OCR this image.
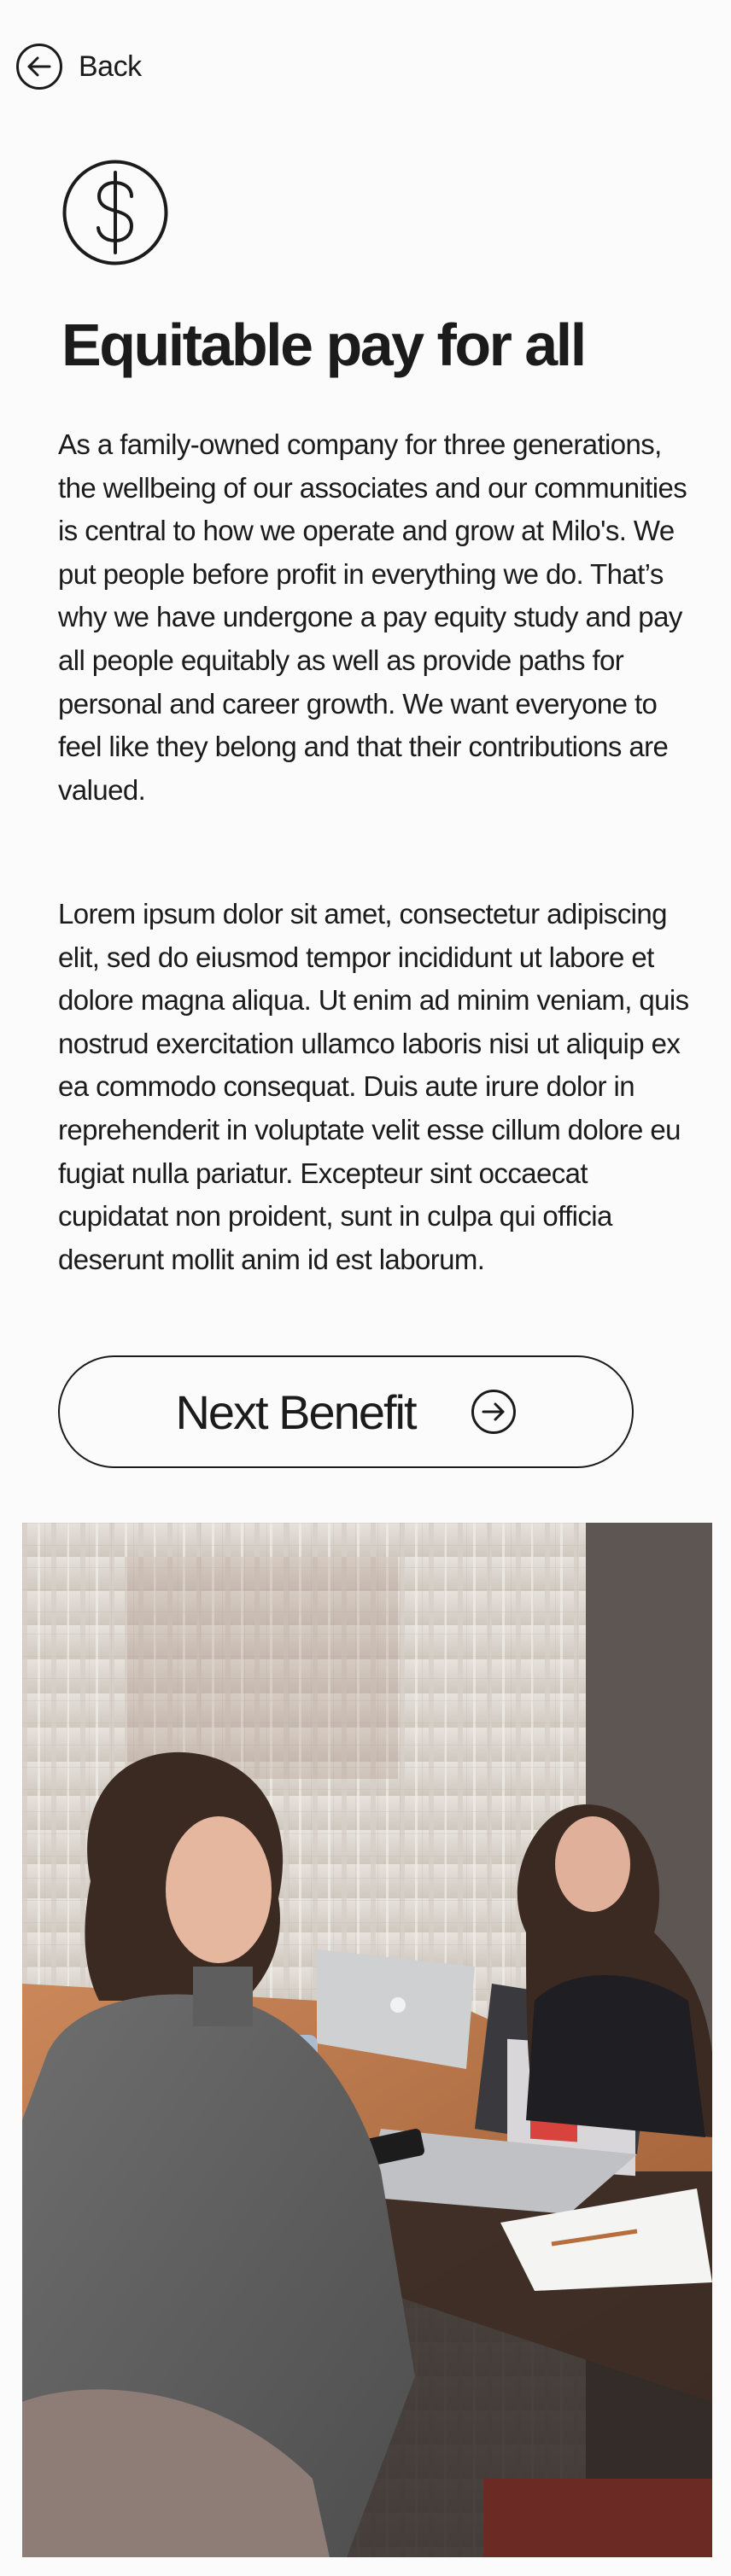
Back
Equitable pay for all

As a family-owned company for three generations, the wellbeing of our associates and our communities is central to how we operate and grow at Milo's. We put people before profit in everything we do. That’s why we have undergone a pay equity study and pay all people equitably as well as provide paths for personal and career growth. We want everyone to feel like they belong and that their contributions are valued.

Lorem ipsum dolor sit amet, consectetur adipiscing elit, sed do eiusmod tempor incididunt ut labore et dolore magna aliqua. Ut enim ad minim veniam, quis nostrud exercitation ullamco laboris nisi ut aliquip ex ea commodo consequat. Duis aute irure dolor in reprehenderit in voluptate velit esse cillum dolore eu fugiat nulla pariatur. Excepteur sint occaecat cupidatat non proident, sunt in culpa qui officia deserunt mollit anim id est laborum.

Next Benefit
